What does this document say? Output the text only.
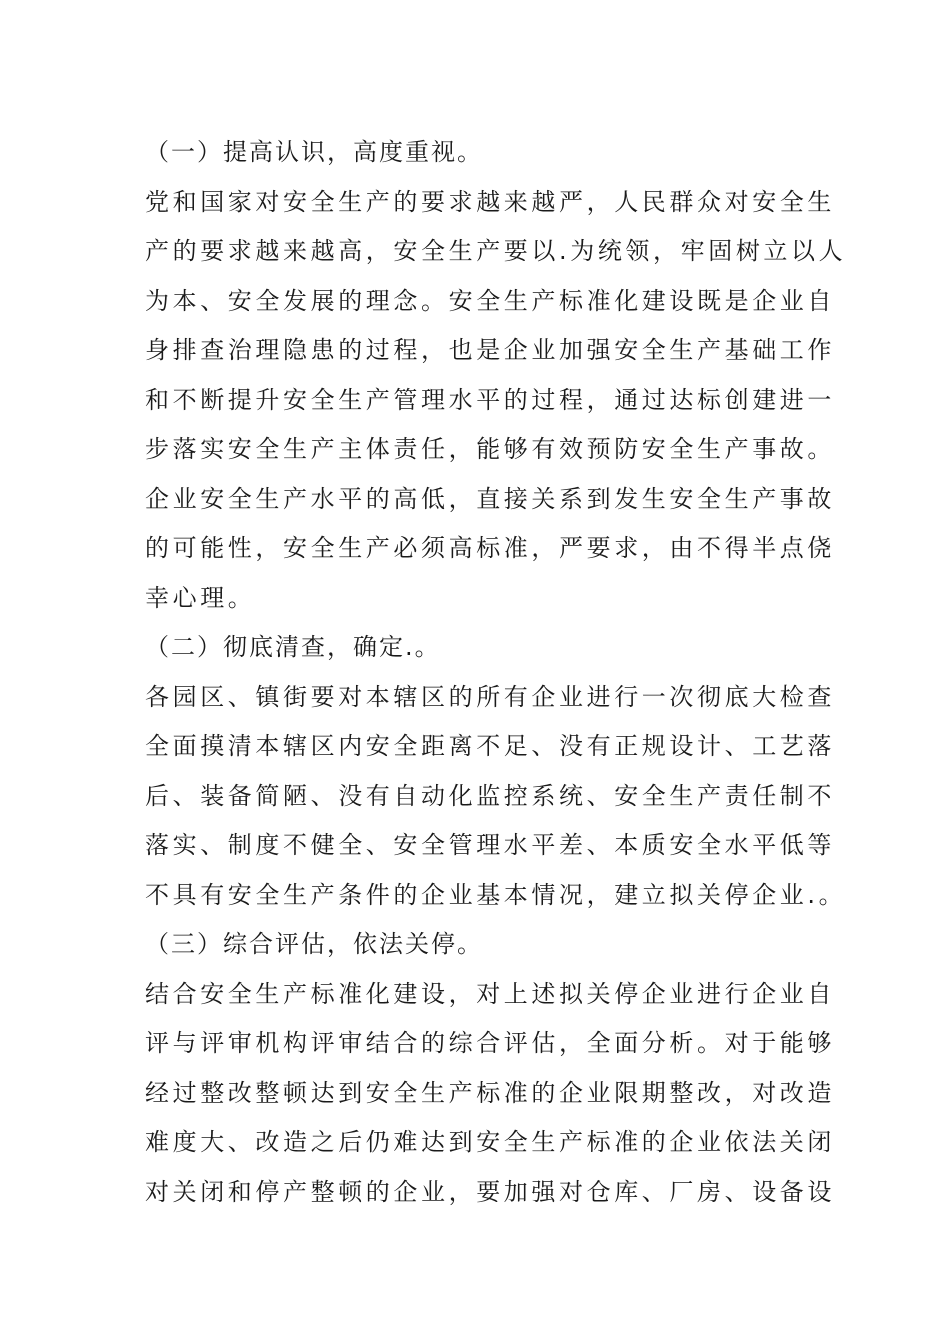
（一）提高认识，高度重视。
党和国家对安全生产的要求越来越严，人民群众对安全生
产的要求越来越高，安全生产要以.为统领，牢固树立以人
为本、安全发展的理念。安全生产标准化建设既是企业自
身排查治理隐患的过程，也是企业加强安全生产基础工作
和不断提升安全生产管理水平的过程，通过达标创建进一
步落实安全生产主体责任，能够有效预防安全生产事故。
企业安全生产水平的高低，直接关系到发生安全生产事故
的可能性，安全生产必须高标准，严要求，由不得半点侥
幸心理。
（二）彻底清查，确定.。
各园区、镇街要对本辖区的所有企业进行一次彻底大检查
全面摸清本辖区内安全距离不足、没有正规设计、工艺落
后、装备简陋、没有自动化监控系统、安全生产责任制不
落实、制度不健全、安全管理水平差、本质安全水平低等
不具有安全生产条件的企业基本情况，建立拟关停企业.。
（三）综合评估，依法关停。
结合安全生产标准化建设，对上述拟关停企业进行企业自
评与评审机构评审结合的综合评估，全面分析。对于能够
经过整改整顿达到安全生产标准的企业限期整改，对改造
难度大、改造之后仍难达到安全生产标准的企业依法关闭
对关闭和停产整顿的企业，要加强对仓库、厂房、设备设
